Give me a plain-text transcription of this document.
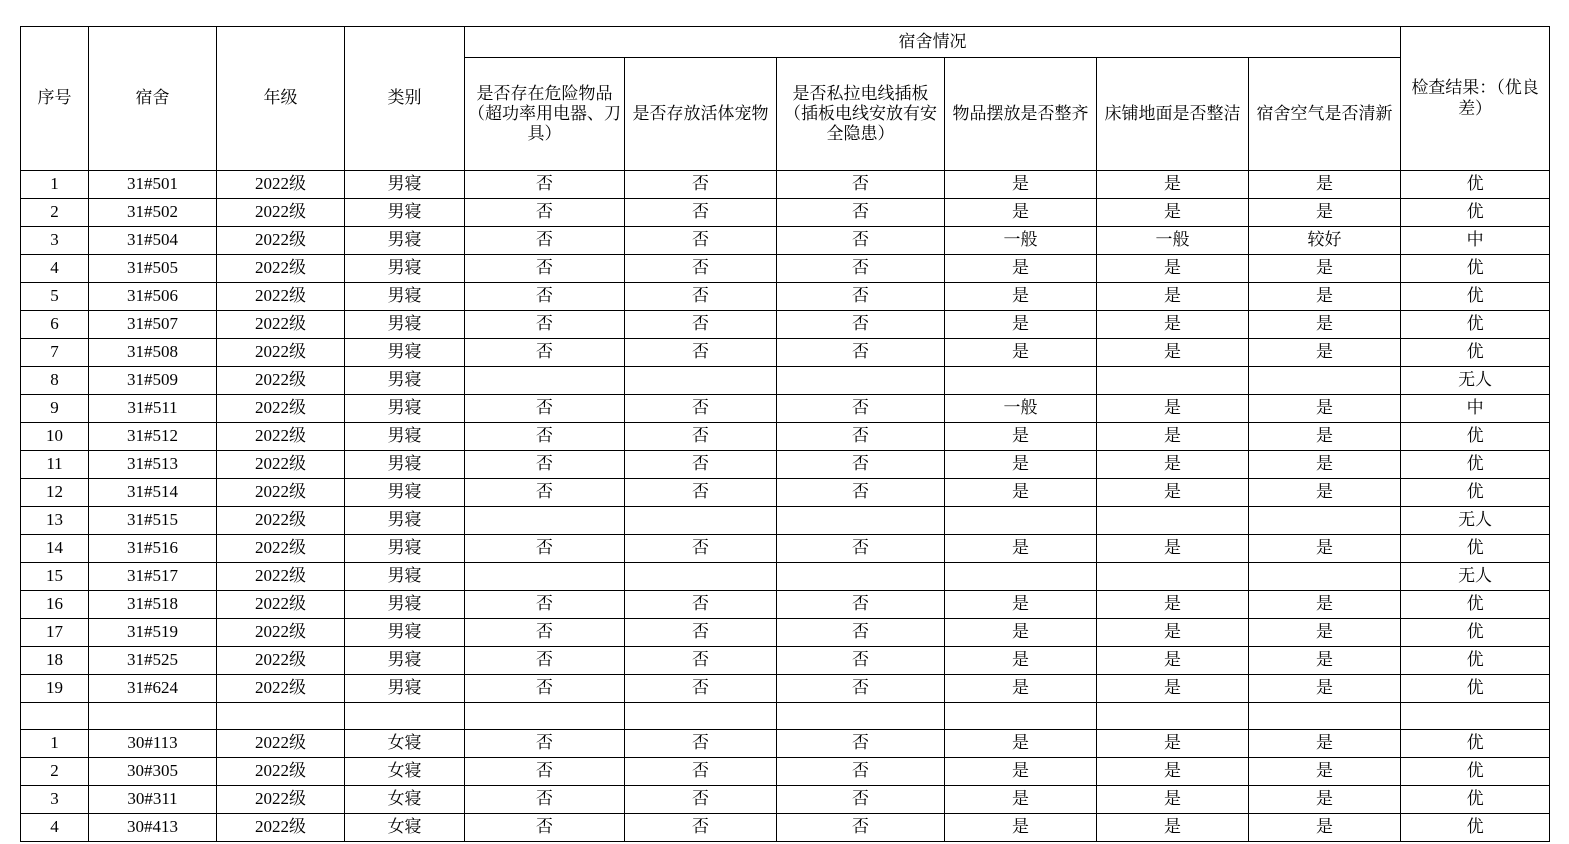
序号	宿舍	年级	类别	宿舍情况						检查结果：（优良差）
				是否存在危险物品（超功率用电器、刀具）	是否存放活体宠物	是否私拉电线插板（插板电线安放有安全隐患）	物品摆放是否整齐	床铺地面是否整洁	宿舍空气是否清新	
1	31#501	2022级	男寝	否	否	否	是	是	是	优
2	31#502	2022级	男寝	否	否	否	是	是	是	优
3	31#504	2022级	男寝	否	否	否	一般	一般	较好	中
4	31#505	2022级	男寝	否	否	否	是	是	是	优
5	31#506	2022级	男寝	否	否	否	是	是	是	优
6	31#507	2022级	男寝	否	否	否	是	是	是	优
7	31#508	2022级	男寝	否	否	否	是	是	是	优
8	31#509	2022级	男寝							无人
9	31#511	2022级	男寝	否	否	否	一般	是	是	中
10	31#512	2022级	男寝	否	否	否	是	是	是	优
11	31#513	2022级	男寝	否	否	否	是	是	是	优
12	31#514	2022级	男寝	否	否	否	是	是	是	优
13	31#515	2022级	男寝							无人
14	31#516	2022级	男寝	否	否	否	是	是	是	优
15	31#517	2022级	男寝							无人
16	31#518	2022级	男寝	否	否	否	是	是	是	优
17	31#519	2022级	男寝	否	否	否	是	是	是	优
18	31#525	2022级	男寝	否	否	否	是	是	是	优
19	31#624	2022级	男寝	否	否	否	是	是	是	优

1	30#113	2022级	女寝	否	否	否	是	是	是	优
2	30#305	2022级	女寝	否	否	否	是	是	是	优
3	30#311	2022级	女寝	否	否	否	是	是	是	优
4	30#413	2022级	女寝	否	否	否	是	是	是	优
